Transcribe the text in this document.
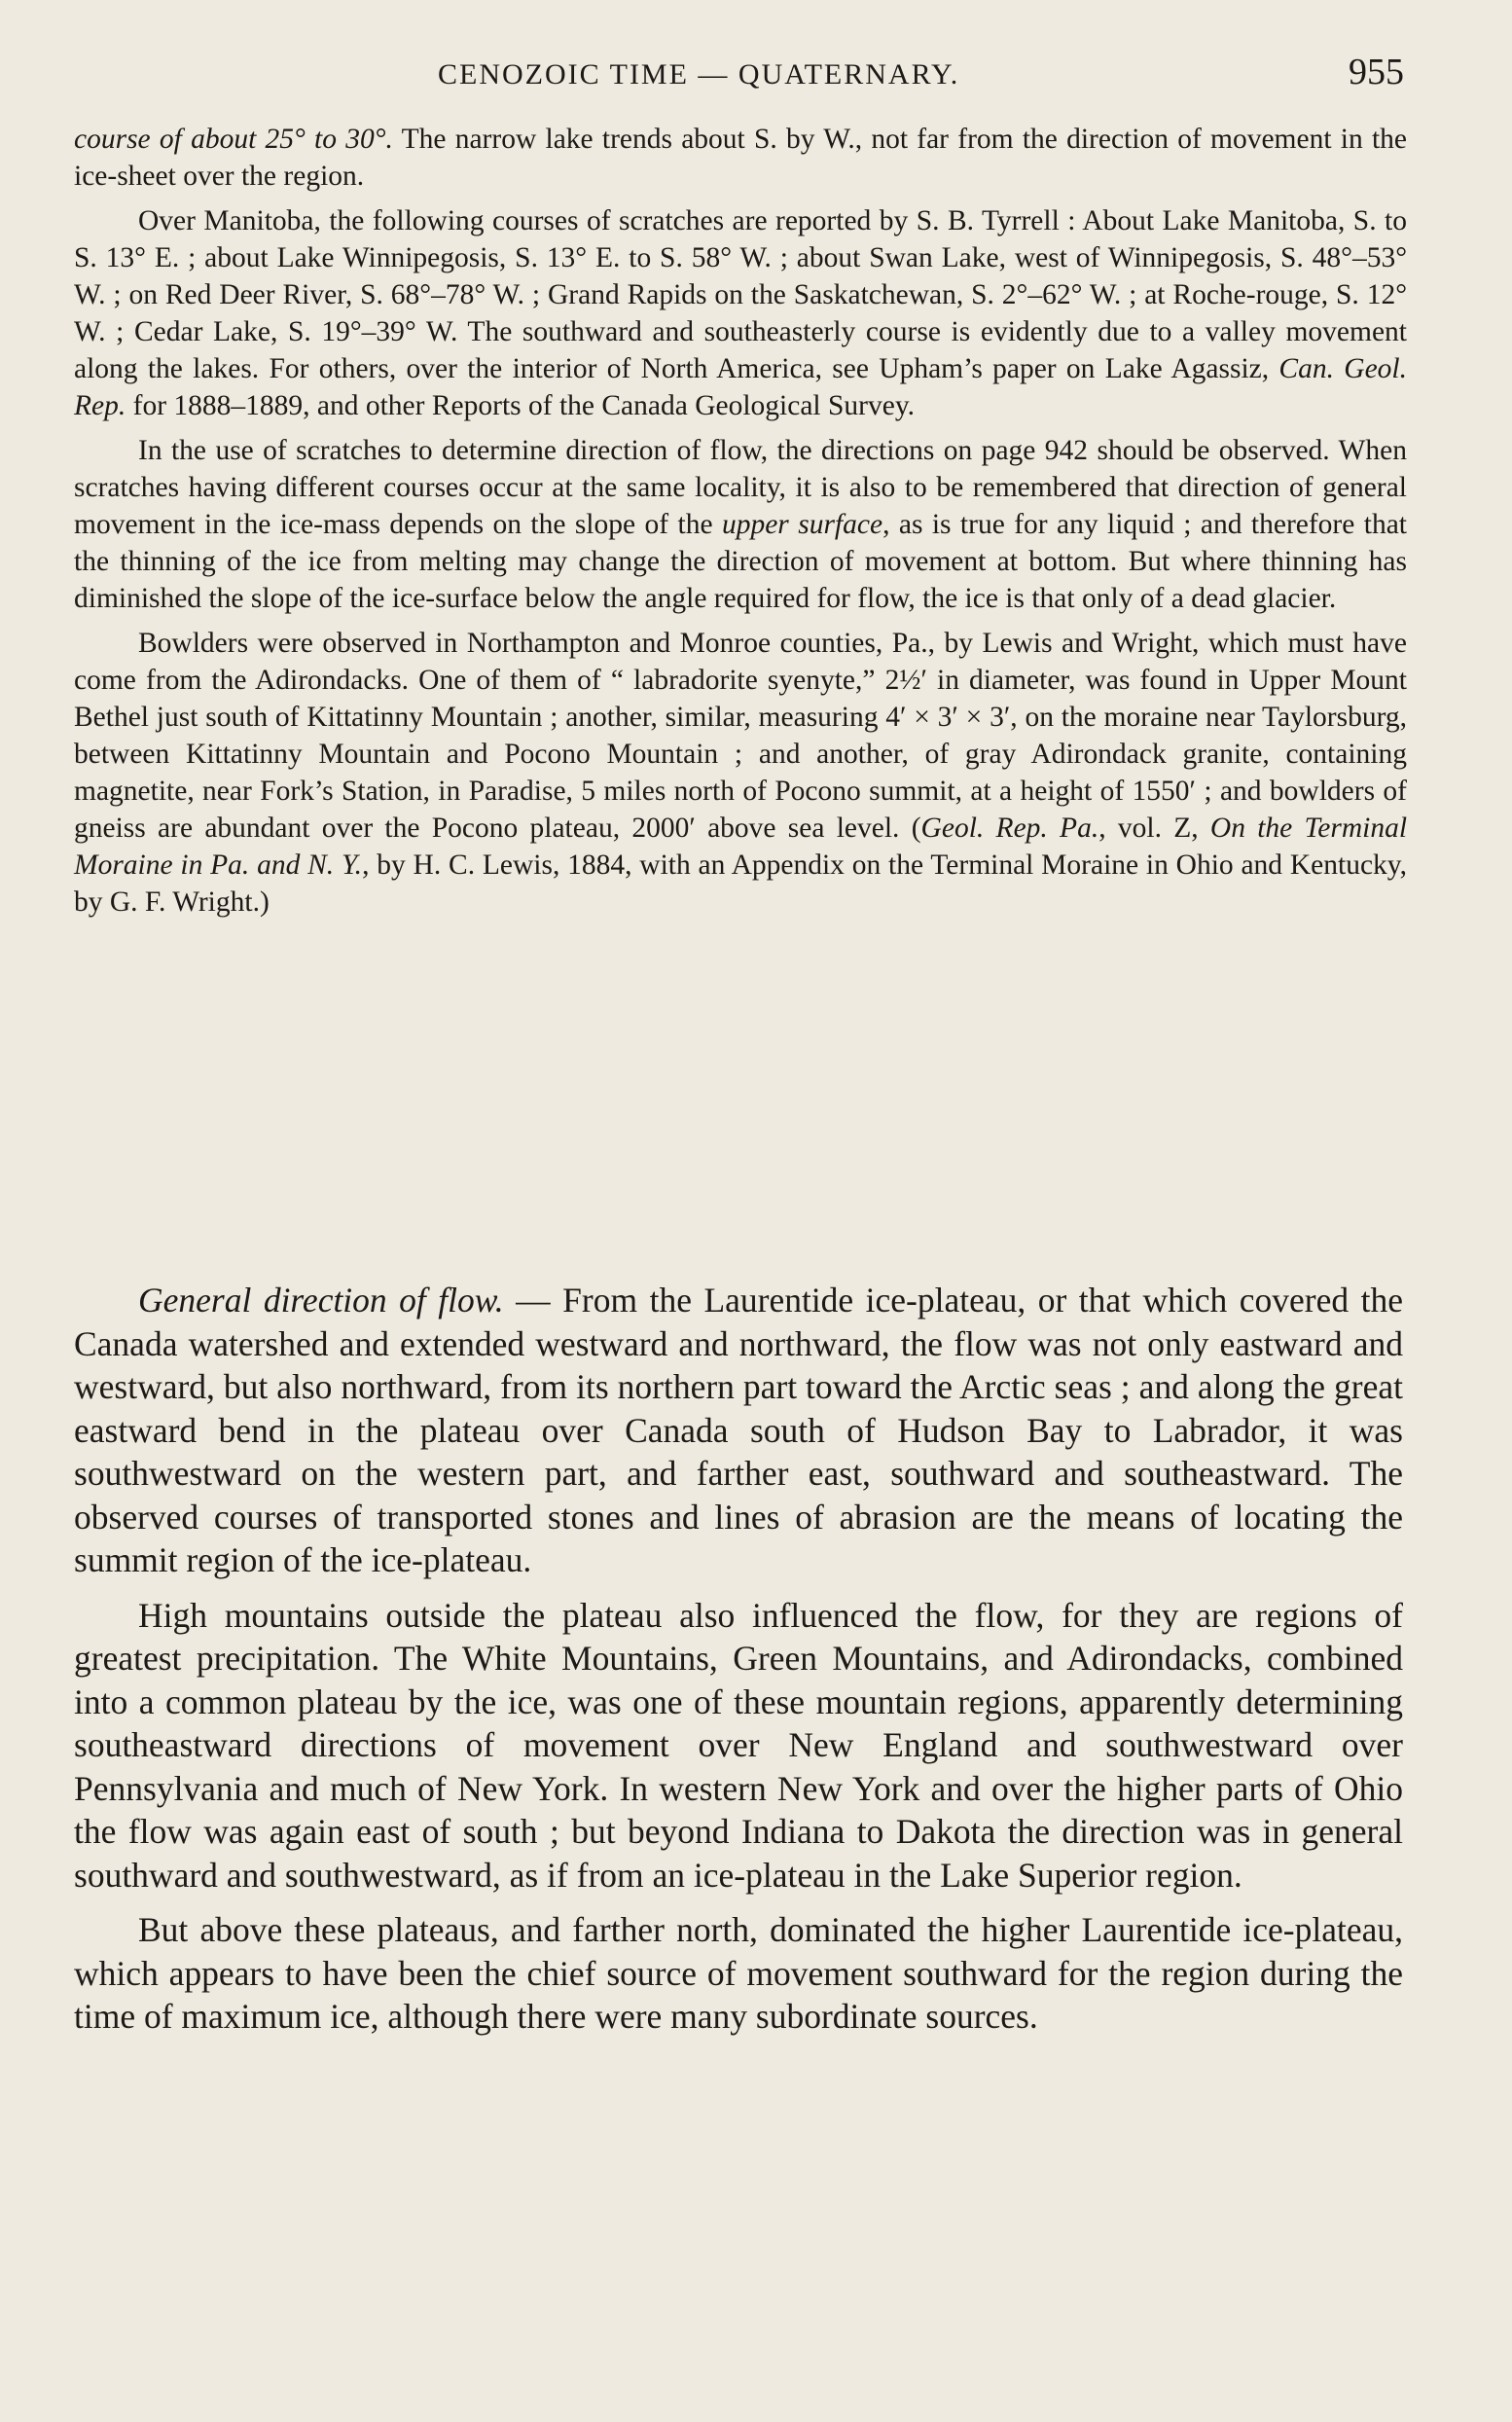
CENOZOIC TIME — QUATERNARY.	955

course of about 25° to 30°. The narrow lake trends about S. by W., not far from the direction of movement in the ice-sheet over the region.

Over Manitoba, the following courses of scratches are reported by S. B. Tyrrell : About Lake Manitoba, S. to S. 13° E. ; about Lake Winnipegosis, S. 13° E. to S. 58° W. ; about Swan Lake, west of Winnipegosis, S. 48°–53° W. ; on Red Deer River, S. 68°–78° W. ; Grand Rapids on the Saskatchewan, S. 2°–62° W. ; at Roche-rouge, S. 12° W. ; Cedar Lake, S. 19°–39° W. The southward and southeasterly course is evidently due to a valley movement along the lakes. For others, over the interior of North America, see Upham’s paper on Lake Agassiz, Can. Geol. Rep. for 1888–1889, and other Reports of the Canada Geological Survey.

In the use of scratches to determine direction of flow, the directions on page 942 should be observed. When scratches having different courses occur at the same locality, it is also to be remembered that direction of general movement in the ice-mass depends on the slope of the upper surface, as is true for any liquid ; and therefore that the thinning of the ice from melting may change the direction of movement at bottom. But where thinning has diminished the slope of the ice-surface below the angle required for flow, the ice is that only of a dead glacier.

Bowlders were observed in Northampton and Monroe counties, Pa., by Lewis and Wright, which must have come from the Adirondacks. One of them of “ labradorite syenyte,” 2½′ in diameter, was found in Upper Mount Bethel just south of Kittatinny Mountain ; another, similar, measuring 4′ × 3′ × 3′, on the moraine near Taylorsburg, between Kittatinny Mountain and Pocono Mountain ; and another, of gray Adirondack granite, containing magnetite, near Fork’s Station, in Paradise, 5 miles north of Pocono summit, at a height of 1550′ ; and bowlders of gneiss are abundant over the Pocono plateau, 2000′ above sea level. (Geol. Rep. Pa., vol. Z, On the Terminal Moraine in Pa. and N. Y., by H. C. Lewis, 1884, with an Appendix on the Terminal Moraine in Ohio and Kentucky, by G. F. Wright.)

General direction of flow. — From the Laurentide ice-plateau, or that which covered the Canada watershed and extended westward and northward, the flow was not only eastward and westward, but also northward, from its northern part toward the Arctic seas ; and along the great eastward bend in the plateau over Canada south of Hudson Bay to Labrador, it was southwestward on the western part, and farther east, southward and southeastward. The observed courses of transported stones and lines of abrasion are the means of locating the summit region of the ice-plateau.

High mountains outside the plateau also influenced the flow, for they are regions of greatest precipitation. The White Mountains, Green Mountains, and Adirondacks, combined into a common plateau by the ice, was one of these mountain regions, apparently determining southeastward directions of movement over New England and southwestward over Pennsylvania and much of New York. In western New York and over the higher parts of Ohio the flow was again east of south ; but beyond Indiana to Dakota the direction was in general southward and southwestward, as if from an ice-plateau in the Lake Superior region.

But above these plateaus, and farther north, dominated the higher Laurentide ice-plateau, which appears to have been the chief source of movement southward for the region during the time of maximum ice, although there were many subordinate sources.
